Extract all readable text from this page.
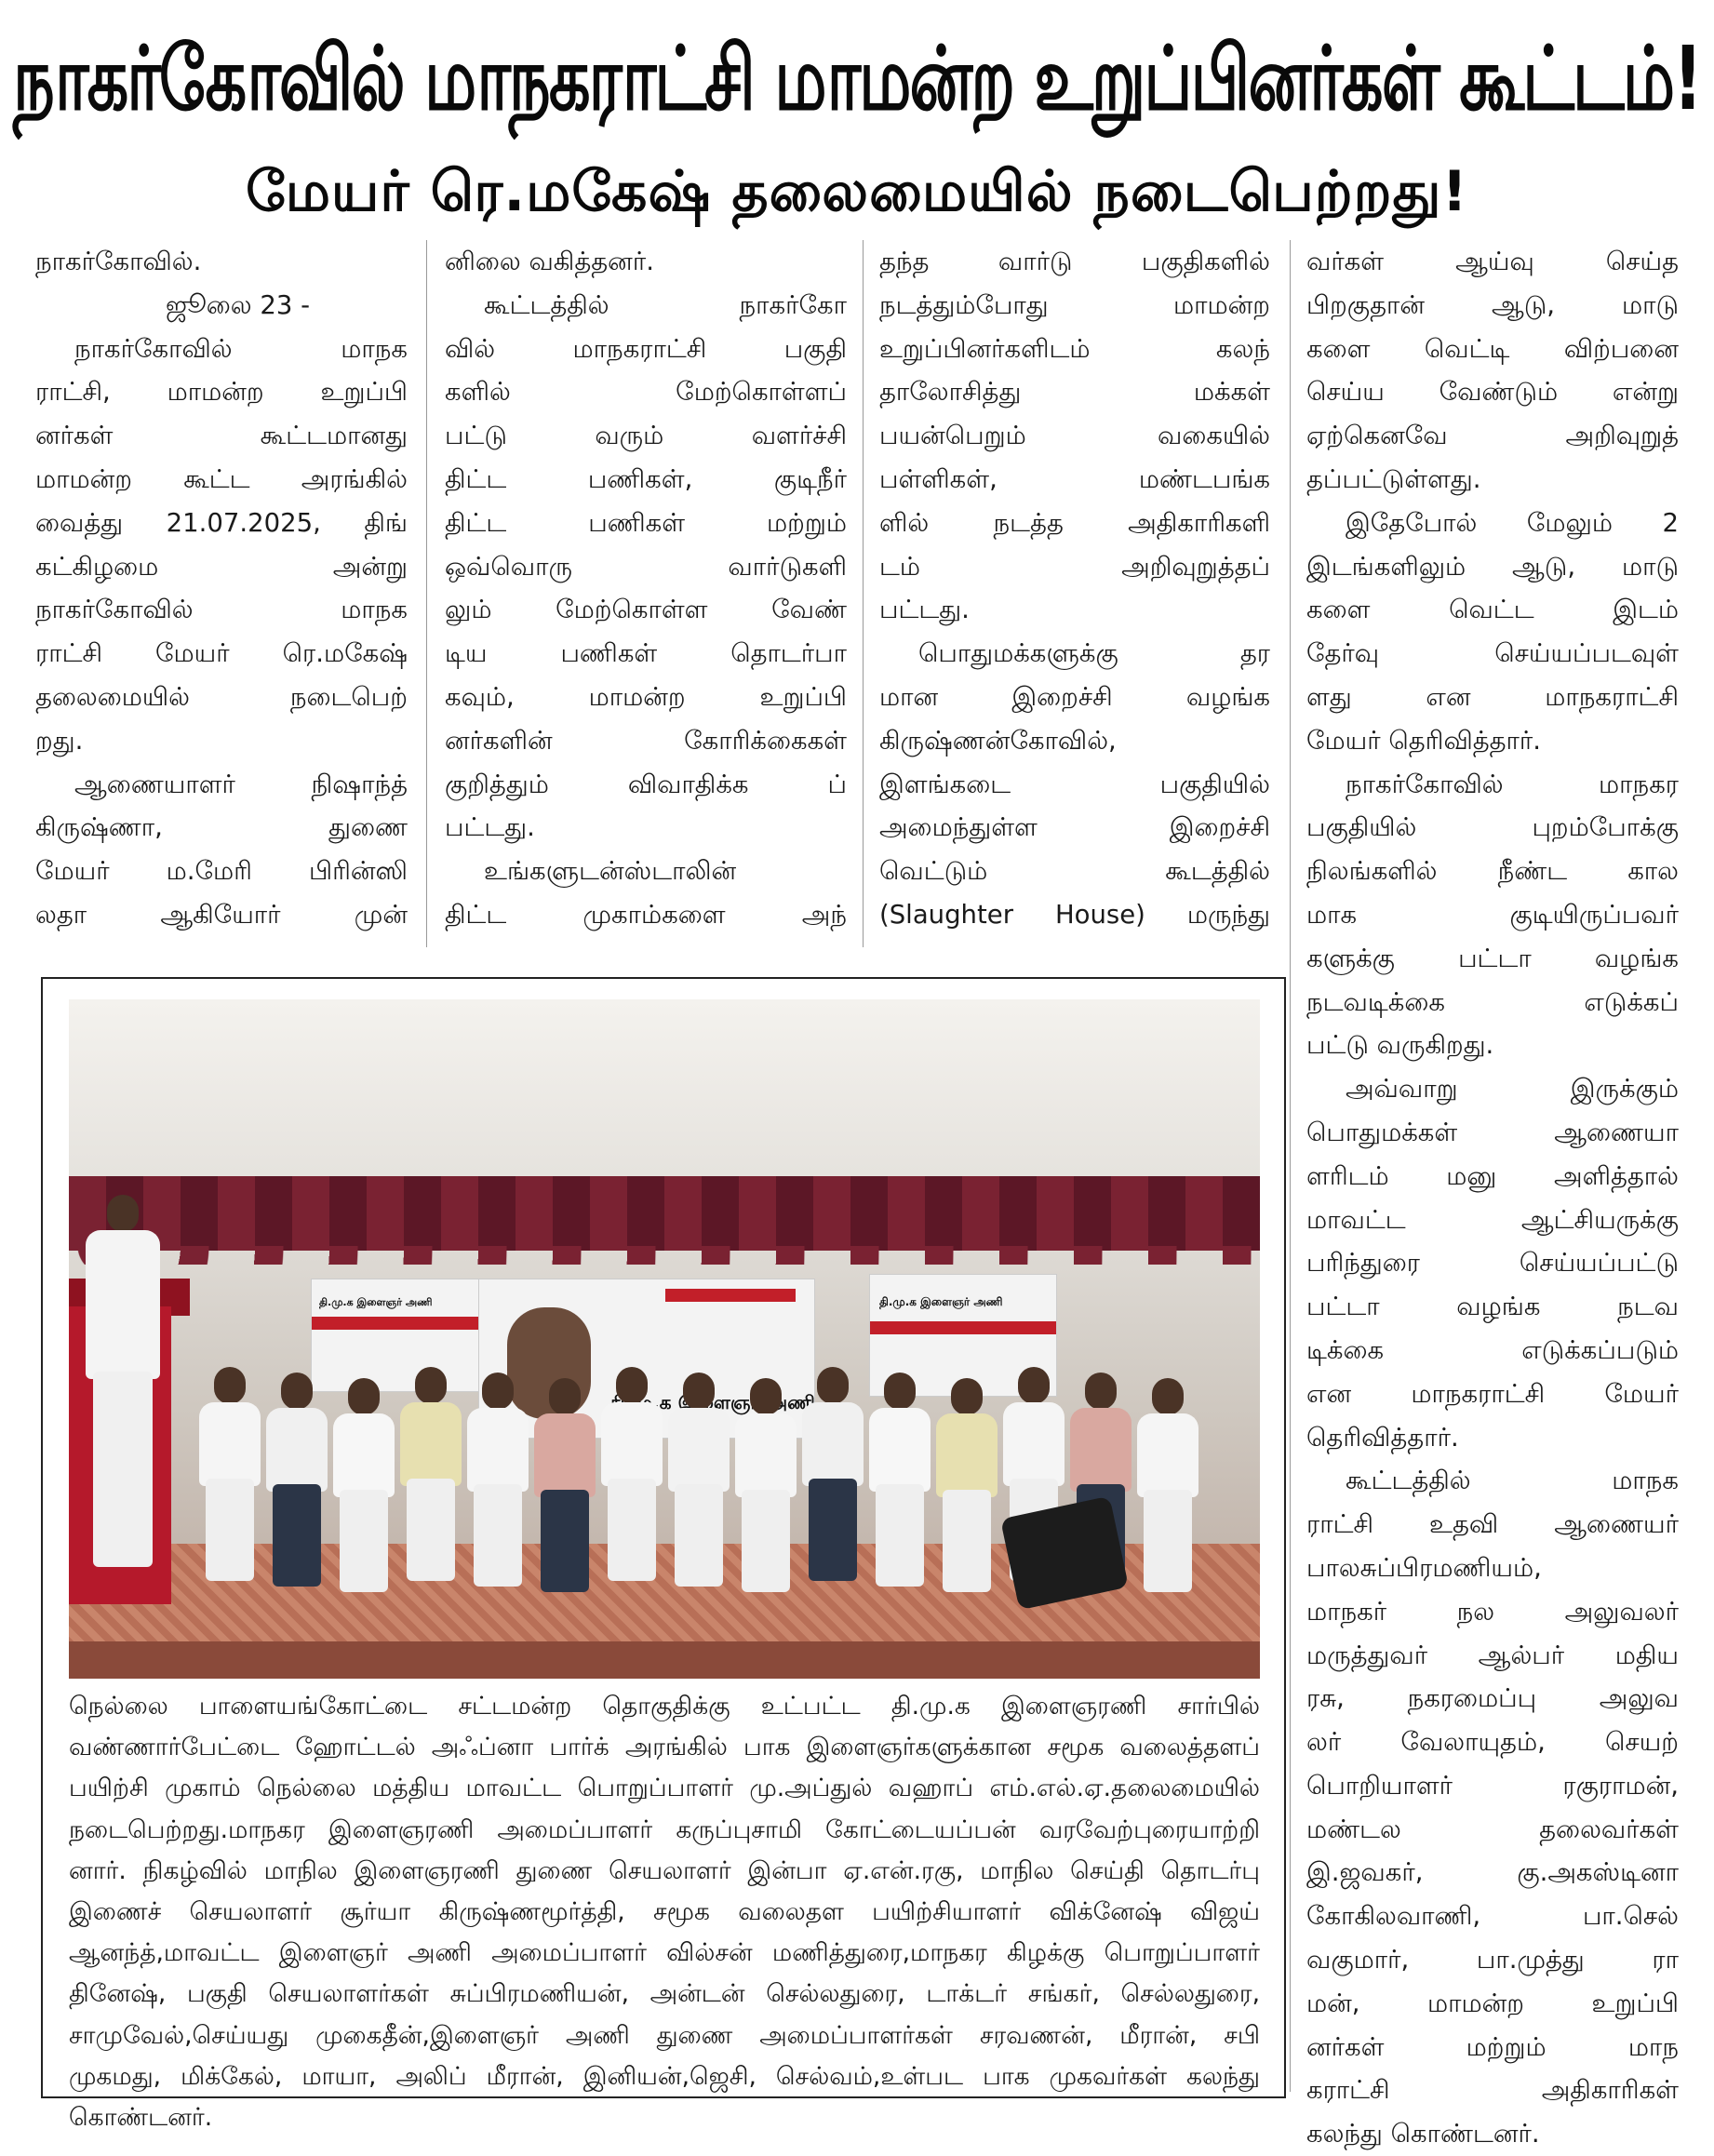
நாகர்கோவில் மாநகராட்சி மாமன்ற உறுப்பினர்கள் கூட்டம்!
மேயர் ரெ.மகேஷ் தலைமையில் நடைபெற்றது!
நாகர்கோவில்.
ஜூலை 23 -
நாகர்கோவில் மாநக
ராட்சி, மாமன்ற உறுப்பி
னர்கள் கூட்டமானது
மாமன்ற கூட்ட அரங்கில்
வைத்து 21.07.2025, திங்
கட்கிழமை அன்று
நாகர்கோவில் மாநக
ராட்சி மேயர் ரெ.மகேஷ்
தலைமையில் நடைபெற்
றது.
ஆணையாளர் நிஷாந்த்
கிருஷ்ணா, துணை
மேயர் ம.மேரி பிரின்ஸி
லதா ஆகியோர் முன்
னிலை வகித்தனர்.
கூட்டத்தில் நாகர்கோ
வில் மாநகராட்சி பகுதி
களில் மேற்கொள்ளப்
பட்டு வரும் வளர்ச்சி
திட்ட பணிகள், குடிநீர்
திட்ட பணிகள் மற்றும்
ஒவ்வொரு வார்டுகளி
லும் மேற்கொள்ள வேண்
டிய பணிகள் தொடர்பா
கவும், மாமன்ற உறுப்பி
னர்களின் கோரிக்கைகள்
குறித்தும் விவாதிக்க ப்
பட்டது.
உங்களுடன்ஸ்டாலின்
திட்ட முகாம்களை அந்
தந்த வார்டு பகுதிகளில்
நடத்தும்போது மாமன்ற
உறுப்பினர்களிடம் கலந்
தாலோசித்து மக்கள்
பயன்பெறும் வகையில்
பள்ளிகள், மண்டபங்க
ளில் நடத்த அதிகாரிகளி
டம் அறிவுறுத்தப்
பட்டது.
பொதுமக்களுக்கு தர
மான இறைச்சி வழங்க
கிருஷ்ணன்கோவில்,
இளங்கடை பகுதியில்
அமைந்துள்ள இறைச்சி
வெட்டும் கூடத்தில்
(Slaughter House) மருந்து
வர்கள் ஆய்வு செய்த
பிறகுதான் ஆடு, மாடு
களை வெட்டி விற்பனை
செய்ய வேண்டும் என்று
ஏற்கெனவே அறிவுறுத்
தப்பட்டுள்ளது.
இதேபோல் மேலும் 2
இடங்களிலும் ஆடு, மாடு
களை வெட்ட இடம்
தேர்வு செய்யப்படவுள்
ளது என மாநகராட்சி
மேயர் தெரிவித்தார்.
நாகர்கோவில் மாநகர
பகுதியில் புறம்போக்கு
நிலங்களில் நீண்ட கால
மாக குடியிருப்பவர்
களுக்கு பட்டா வழங்க
நடவடிக்கை எடுக்கப்
பட்டு வருகிறது.
அவ்வாறு இருக்கும்
பொதுமக்கள் ஆணையா
ளரிடம் மனு அளித்தால்
மாவட்ட ஆட்சியருக்கு
பரிந்துரை செய்யப்பட்டு
பட்டா வழங்க நடவ
டிக்கை எடுக்கப்படும்
என மாநகராட்சி மேயர்
தெரிவித்தார்.
கூட்டத்தில் மாநக
ராட்சி உதவி ஆணையர்
பாலசுப்பிரமணியம்,
மாநகர் நல அலுவலர்
மருத்துவர் ஆல்பர் மதிய
ரசு, நகரமைப்பு அலுவ
லர் வேலாயுதம், செயற்
பொறியாளர் ரகுராமன்,
மண்டல தலைவர்கள்
இ.ஜவகர், கு.அகஸ்டினா
கோகிலவாணி, பா.செல்
வகுமார், பா.முத்து ரா
மன், மாமன்ற உறுப்பி
னர்கள் மற்றும் மாந
கராட்சி அதிகாரிகள்
கலந்து கொண்டனர்.
தி.மு.க இளைஞர் அணி
இளைஞர் அணி
தி.மு.க இளைஞர் அணி
நெல்லை பாளையங்கோட்டை சட்டமன்ற தொகுதிக்கு உட்பட்ட தி.மு.க இளைஞரணி சார்பில்
வண்ணார்பேட்டை ஹோட்டல் அஃப்னா பார்க் அரங்கில் பாக இளைஞர்களுக்கான சமூக வலைத்தளப்
பயிற்சி முகாம் நெல்லை மத்திய மாவட்ட பொறுப்பாளர் மு.அப்துல் வஹாப் எம்.எல்.ஏ.தலைமையில்
நடைபெற்றது.மாநகர இளைஞரணி அமைப்பாளர் கருப்புசாமி கோட்டையப்பன் வரவேற்புரையாற்றி
னார். நிகழ்வில் மாநில இளைஞரணி துணை செயலாளர் இன்பா ஏ.என்.ரகு, மாநில செய்தி தொடர்பு
இணைச் செயலாளர் சூர்யா கிருஷ்ணமூர்த்தி, சமூக வலைதள பயிற்சியாளர் விக்னேஷ் விஜய்
ஆனந்த்,மாவட்ட இளைஞர் அணி அமைப்பாளர் வில்சன் மணித்துரை,மாநகர கிழக்கு பொறுப்பாளர்
தினேஷ், பகுதி செயலாளர்கள் சுப்பிரமணியன், அன்டன் செல்லதுரை, டாக்டர் சங்கர், செல்லதுரை,
சாமுவேல்,செய்யது முகைதீன்,இளைஞர் அணி துணை அமைப்பாளர்கள் சரவணன், மீரான், சபி
முகமது, மிக்கேல், மாயா, அலிப் மீரான், இனியன்,ஜெசி, செல்வம்,உள்பட பாக முகவர்கள் கலந்து
கொண்டனர்.
